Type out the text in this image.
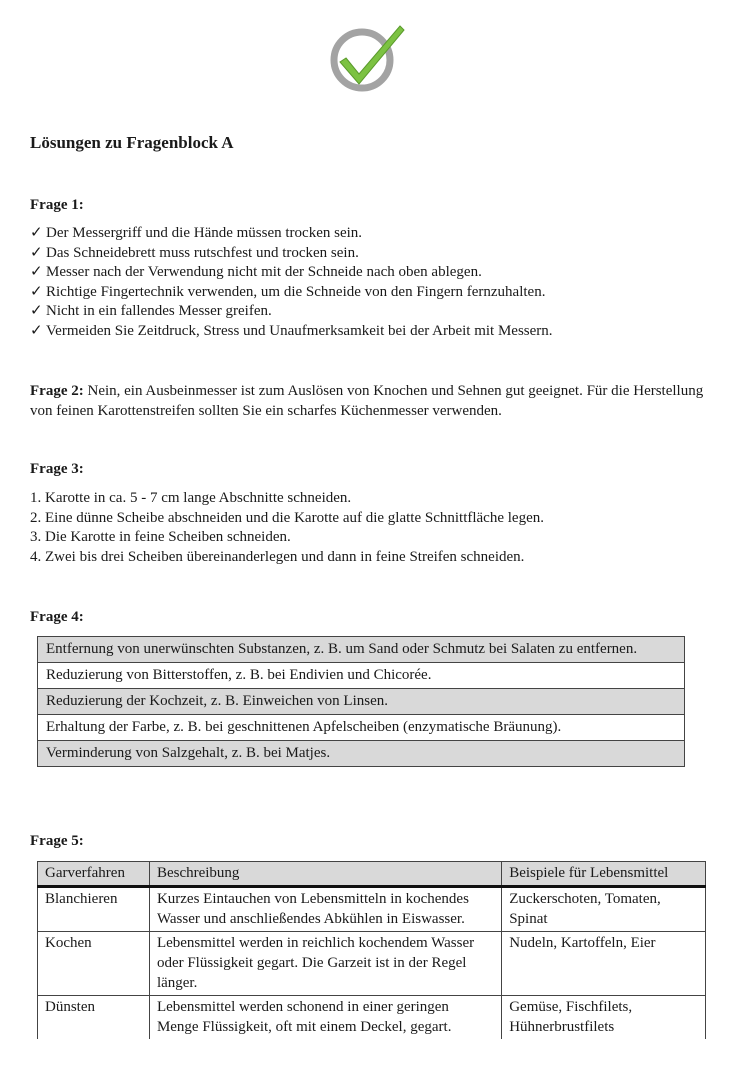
Lösungen zu Fragenblock A
Frage 1:
✓ Der Messergriff und die Hände müssen trocken sein.
✓ Das Schneidebrett muss rutschfest und trocken sein.
✓ Messer nach der Verwendung nicht mit der Schneide nach oben ablegen.
✓ Richtige Fingertechnik verwenden, um die Schneide von den Fingern fernzuhalten.
✓ Nicht in ein fallendes Messer greifen.
✓ Vermeiden Sie Zeitdruck, Stress und Unaufmerksamkeit bei der Arbeit mit Messern.

Frage 2: Nein, ein Ausbeinmesser ist zum Auslösen von Knochen und Sehnen gut geeignet. Für die Herstellung von feinen Karottenstreifen sollten Sie ein scharfes Küchenmesser verwenden.

Frage 3:
1. Karotte in ca. 5 - 7 cm lange Abschnitte schneiden.
2. Eine dünne Scheibe abschneiden und die Karotte auf die glatte Schnittfläche legen.
3. Die Karotte in feine Scheiben schneiden.
4. Zwei bis drei Scheiben übereinanderlegen und dann in feine Streifen schneiden.
Frage 4:
Entfernung von unerwünschten Substanzen, z. B. um Sand oder Schmutz bei Salaten zu entfernen.
Reduzierung von Bitterstoffen, z. B. bei Endivien und Chicorée.
Reduzierung der Kochzeit, z. B. Einweichen von Linsen.
Erhaltung der Farbe, z. B. bei geschnittenen Apfelscheiben (enzymatische Bräunung).
Verminderung von Salzgehalt, z. B. bei Matjes.
Frage 5:
Garverfahren	Beschreibung	Beispiele für Lebensmittel
Blanchieren	Kurzes Eintauchen von Lebensmitteln in kochendes Wasser und anschließendes Abkühlen in Eiswasser.	Zuckerschoten, Tomaten, Spinat
Kochen	Lebensmittel werden in reichlich kochendem Wasser oder Flüssigkeit gegart. Die Garzeit ist in der Regel länger.	Nudeln, Kartoffeln, Eier
Dünsten	Lebensmittel werden schonend in einer geringen Menge Flüssigkeit, oft mit einem Deckel, gegart.	Gemüse, Fischfilets, Hühnerbrustfilets
